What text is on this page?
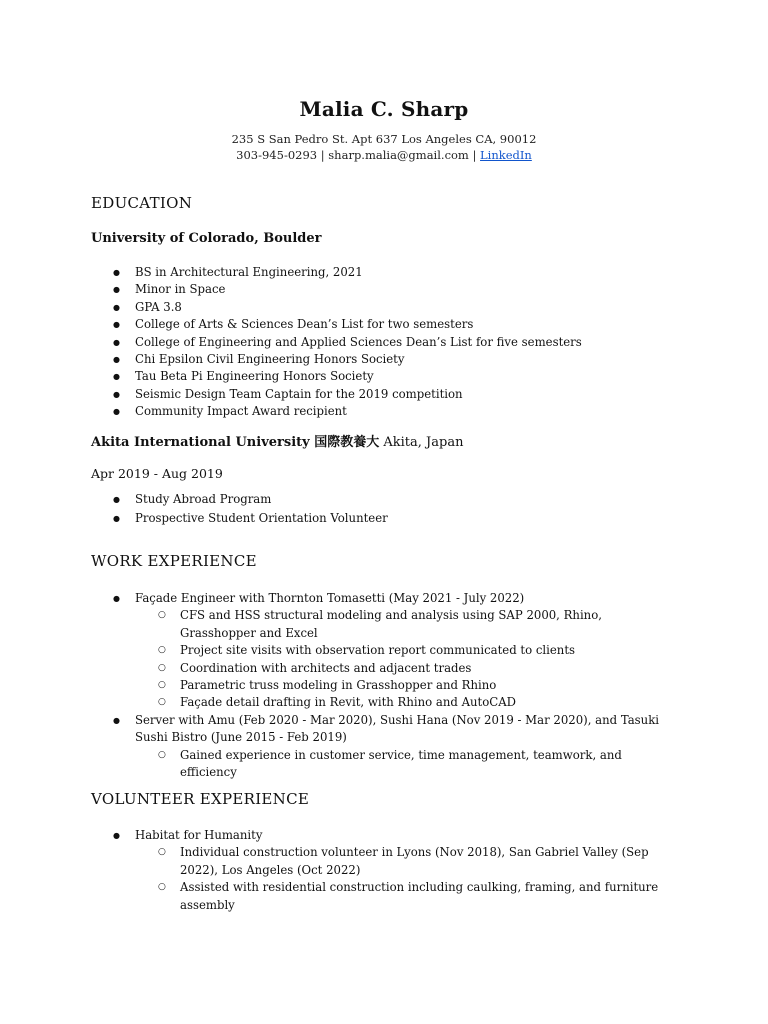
Malia C. Sharp
235 S San Pedro St. Apt 637 Los Angeles CA, 90012
303-945-0293 | sharp.malia@gmail.com | LinkedIn
EDUCATION
University of Colorado, Boulder
● BS in Architectural Engineering, 2021
● Minor in Space
● GPA 3.8
● College of Arts & Sciences Dean’s List for two semesters
● College of Engineering and Applied Sciences Dean’s List for five semesters
● Chi Epsilon Civil Engineering Honors Society
● Tau Beta Pi Engineering Honors Society
● Seismic Design Team Captain for the 2019 competition
● Community Impact Award recipient
Akita International University 国際教養大 Akita, Japan
Apr 2019 - Aug 2019
● Study Abroad Program
● Prospective Student Orientation Volunteer
WORK EXPERIENCE
● Façade Engineer with Thornton Tomasetti (May 2021 - July 2022)
○ CFS and HSS structural modeling and analysis using SAP 2000, Rhino, Grasshopper and Excel
○ Project site visits with observation report communicated to clients
○ Coordination with architects and adjacent trades
○ Parametric truss modeling in Grasshopper and Rhino
○ Façade detail drafting in Revit, with Rhino and AutoCAD
● Server with Amu (Feb 2020 - Mar 2020), Sushi Hana (Nov 2019 - Mar 2020), and Tasuki Sushi Bistro (June 2015 - Feb 2019)
○ Gained experience in customer service, time management, teamwork, and efficiency
VOLUNTEER EXPERIENCE
● Habitat for Humanity
○ Individual construction volunteer in Lyons (Nov 2018), San Gabriel Valley (Sep 2022), Los Angeles (Oct 2022)
○ Assisted with residential construction including caulking, framing, and furniture assembly
